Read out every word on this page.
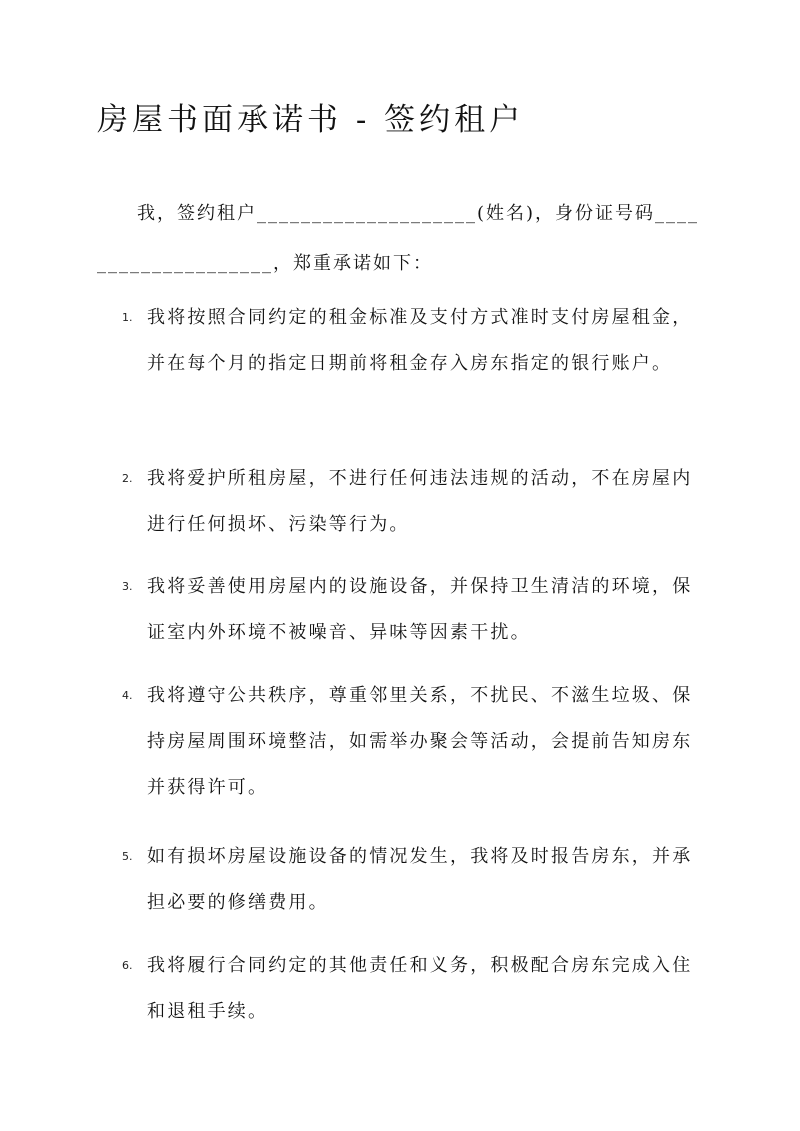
房屋书面承诺书 - 签约租户

我，签约租户____________________(姓名)，身份证号码____________________，郑重承诺如下：

1. 我将按照合同约定的租金标准及支付方式准时支付房屋租金，并在每个月的指定日期前将租金存入房东指定的银行账户。

2. 我将爱护所租房屋，不进行任何违法违规的活动，不在房屋内进行任何损坏、污染等行为。

3. 我将妥善使用房屋内的设施设备，并保持卫生清洁的环境，保证室内外环境不被噪音、异味等因素干扰。

4. 我将遵守公共秩序，尊重邻里关系，不扰民、不滋生垃圾、保持房屋周围环境整洁，如需举办聚会等活动，会提前告知房东并获得许可。

5. 如有损坏房屋设施设备的情况发生，我将及时报告房东，并承担必要的修缮费用。

6. 我将履行合同约定的其他责任和义务，积极配合房东完成入住和退租手续。
